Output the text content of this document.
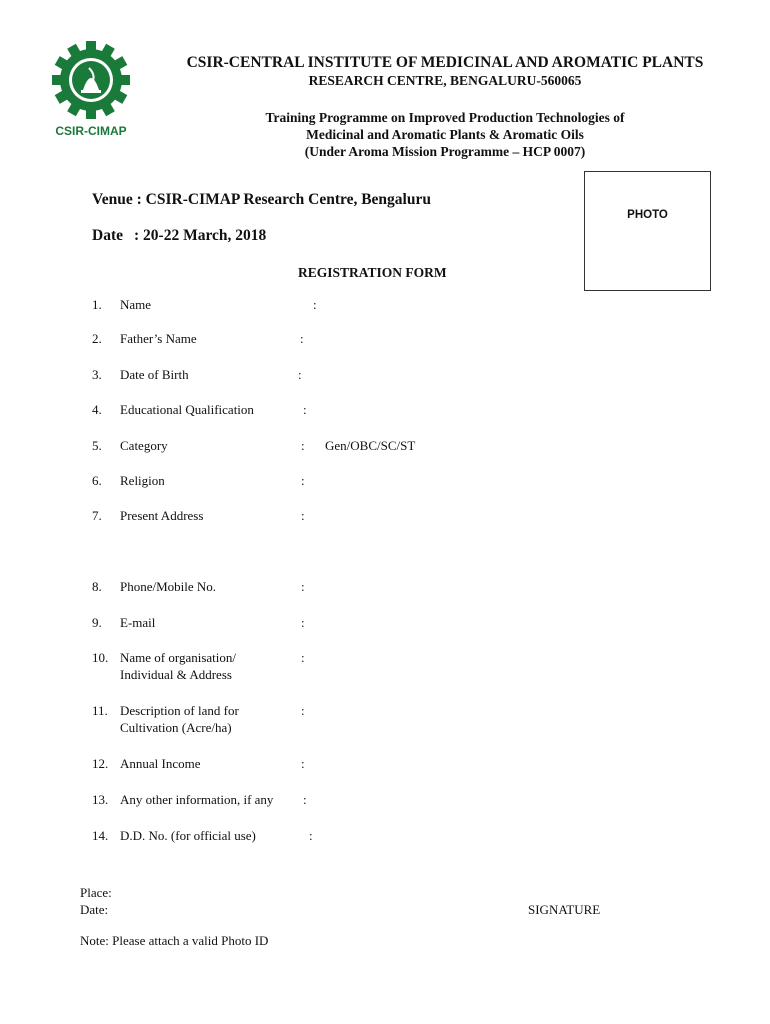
CSIR-CIMAP
CSIR-CENTRAL INSTITUTE OF MEDICINAL AND AROMATIC PLANTS
RESEARCH CENTRE, BENGALURU-560065
Training Programme on Improved Production Technologies of
Medicinal and Aromatic Plants & Aromatic Oils
(Under Aroma Mission Programme – HCP 0007)
Venue : CSIR-CIMAP Research Centre, Bengaluru
Date : 20-22 March, 2018
PHOTO
REGISTRATION FORM
1. Name	:
2. Father’s Name	:
3. Date of Birth	:
4. Educational Qualification	:
5. Category	: Gen/OBC/SC/ST
6. Religion	:
7. Present Address	:
8. Phone/Mobile No.	:
9. E-mail	:
10. Name of organisation/
Individual & Address
:
11. Description of land for
Cultivation (Acre/ha)
:
12. Annual Income	:
13. Any other information, if any :
14. D.D. No. (for official use)	:
Place:
Date:	SIGNATURE
Note: Please attach a valid Photo ID
